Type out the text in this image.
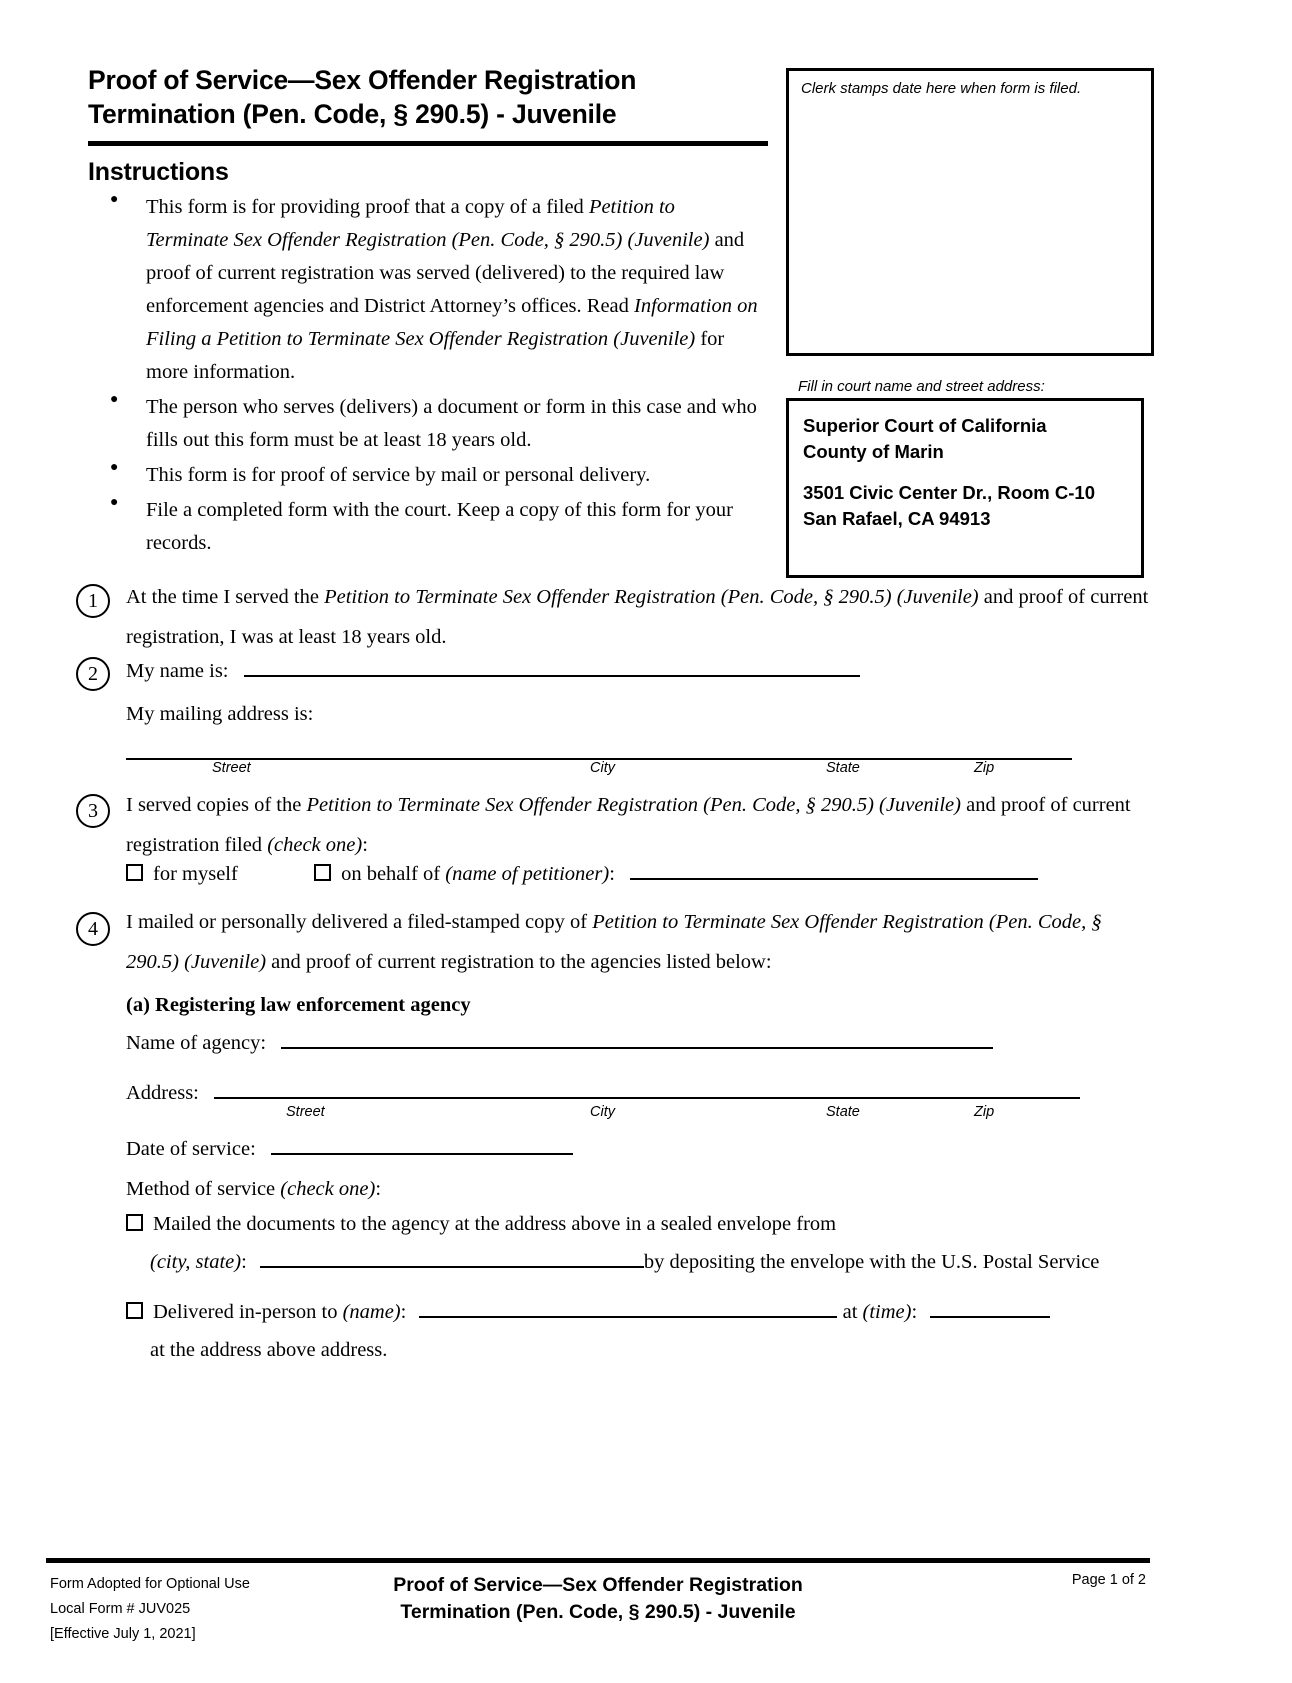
Proof of Service—Sex Offender Registration
Termination (Pen. Code, § 290.5) - Juvenile
Instructions
● This form is for providing proof that a copy of a filed Petition to Terminate Sex Offender Registration (Pen. Code, § 290.5) (Juvenile) and proof of current registration was served (delivered) to the required law enforcement agencies and District Attorney’s offices. Read Information on Filing a Petition to Terminate Sex Offender Registration (Juvenile) for more information.
● The person who serves (delivers) a document or form in this case and who fills out this form must be at least 18 years old.
● This form is for proof of service by mail or personal delivery.
● File a completed form with the court. Keep a copy of this form for your records.
Clerk stamps date here when form is filed.
Fill in court name and street address:
Superior Court of California
County of Marin
3501 Civic Center Dr., Room C-10
San Rafael, CA 94913
1	At the time I served the Petition to Terminate Sex Offender Registration (Pen. Code, § 290.5) (Juvenile) and proof of current registration, I was at least 18 years old.
2	My name is:
My mailing address is:
Street	City	State	Zip
3	I served copies of the Petition to Terminate Sex Offender Registration (Pen. Code, § 290.5) (Juvenile) and proof of current registration filed (check one):
for myself	on behalf of (name of petitioner):
4	I mailed or personally delivered a filed-stamped copy of Petition to Terminate Sex Offender Registration (Pen. Code, § 290.5) (Juvenile) and proof of current registration to the agencies listed below:
(a) Registering law enforcement agency
Name of agency:
Address:
Street	City	State	Zip
Date of service:
Method of service (check one):
Mailed the documents to the agency at the address above in a sealed envelope from
(city, state):	by depositing the envelope with the U.S. Postal Service
Delivered in-person to (name):	at (time):
at the address above address.
Form Adopted for Optional Use
Local Form # JUV025
[Effective July 1, 2021]
Proof of Service—Sex Offender Registration
Termination (Pen. Code, § 290.5) - Juvenile
Page 1 of 2
